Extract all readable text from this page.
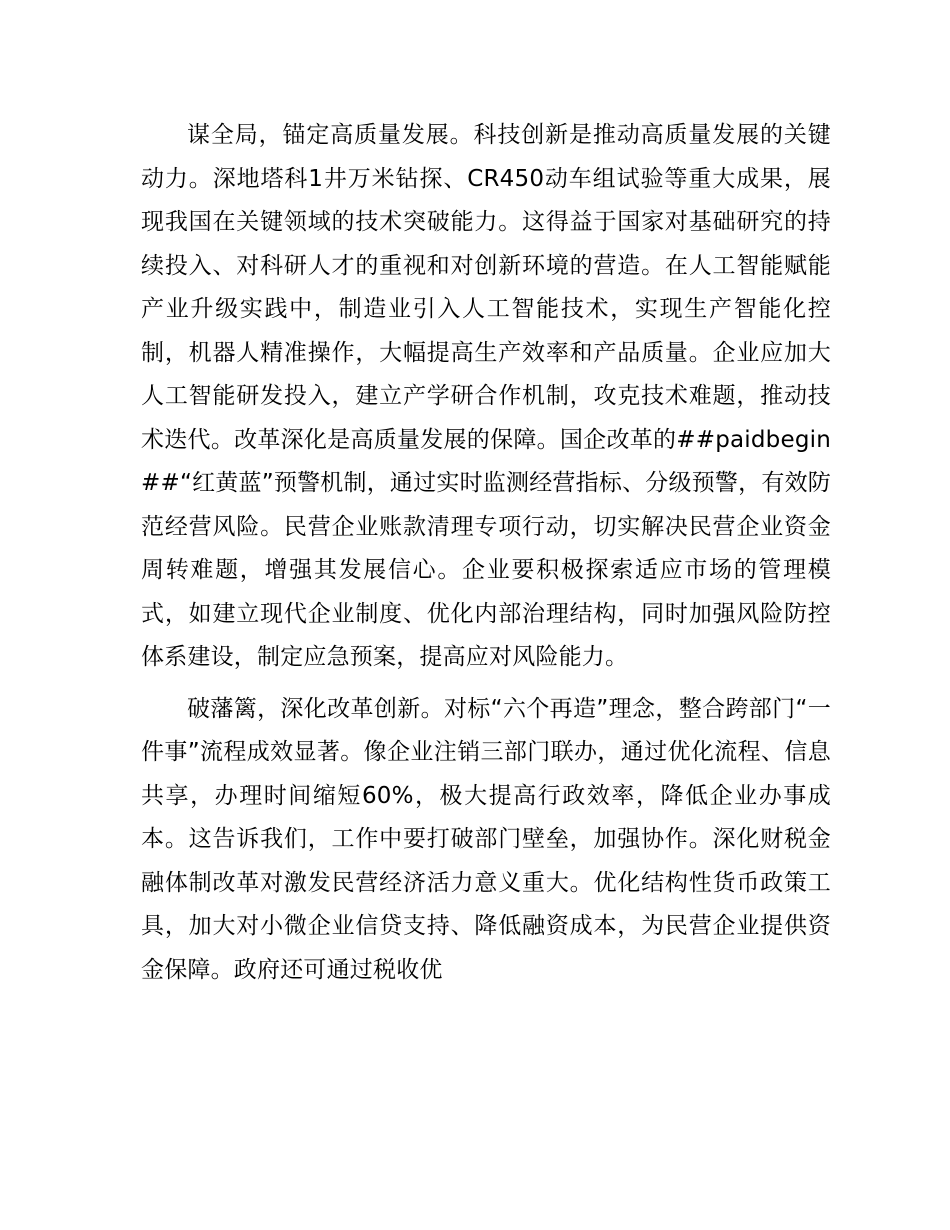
谋全局，锚定高质量发展。科技创新是推动高质量发展的关键动力。深地塔科1井万米钻探、CR450动车组试验等重大成果，展现我国在关键领域的技术突破能力。这得益于国家对基础研究的持续投入、对科研人才的重视和对创新环境的营造。在人工智能赋能产业升级实践中，制造业引入人工智能技术，实现生产智能化控制，机器人精准操作，大幅提高生产效率和产品质量。企业应加大人工智能研发投入，建立产学研合作机制，攻克技术难题，推动技术迭代。改革深化是高质量发展的保障。国企改革的##paidbegin##“红黄蓝”预警机制，通过实时监测经营指标、分级预警，有效防范经营风险。民营企业账款清理专项行动，切实解决民营企业资金周转难题，增强其发展信心。企业要积极探索适应市场的管理模式，如建立现代企业制度、优化内部治理结构，同时加强风险防控体系建设，制定应急预案，提高应对风险能力。

破藩篱，深化改革创新。对标“六个再造”理念，整合跨部门“一件事”流程成效显著。像企业注销三部门联办，通过优化流程、信息共享，办理时间缩短60%，极大提高行政效率，降低企业办事成本。这告诉我们，工作中要打破部门壁垒，加强协作。深化财税金融体制改革对激发民营经济活力意义重大。优化结构性货币政策工具，加大对小微企业信贷支持、降低融资成本，为民营企业提供资金保障。政府还可通过税收优
